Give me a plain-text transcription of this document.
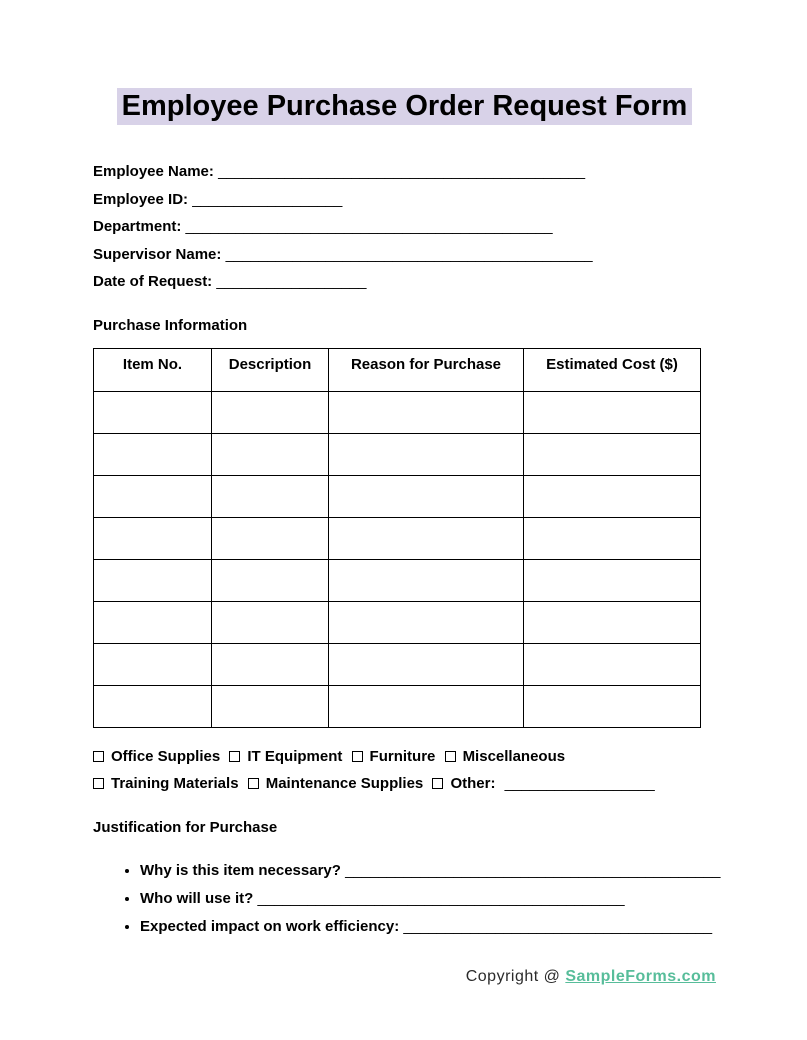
Employee Purchase Order Request Form
Employee Name: ____________________________________________
Employee ID: __________________
Department: ____________________________________________
Supervisor Name: ____________________________________________
Date of Request: __________________
Purchase Information
Item No.	Description	Reason for Purchase	Estimated Cost ($)

Office Supplies IT Equipment Furniture Miscellaneous
Training Materials Maintenance Supplies Other: __________________
Justification for Purchase
• Why is this item necessary? _____________________________________________
• Who will use it? ____________________________________________
• Expected impact on work efficiency: _____________________________________
Copyright @ SampleForms.com
